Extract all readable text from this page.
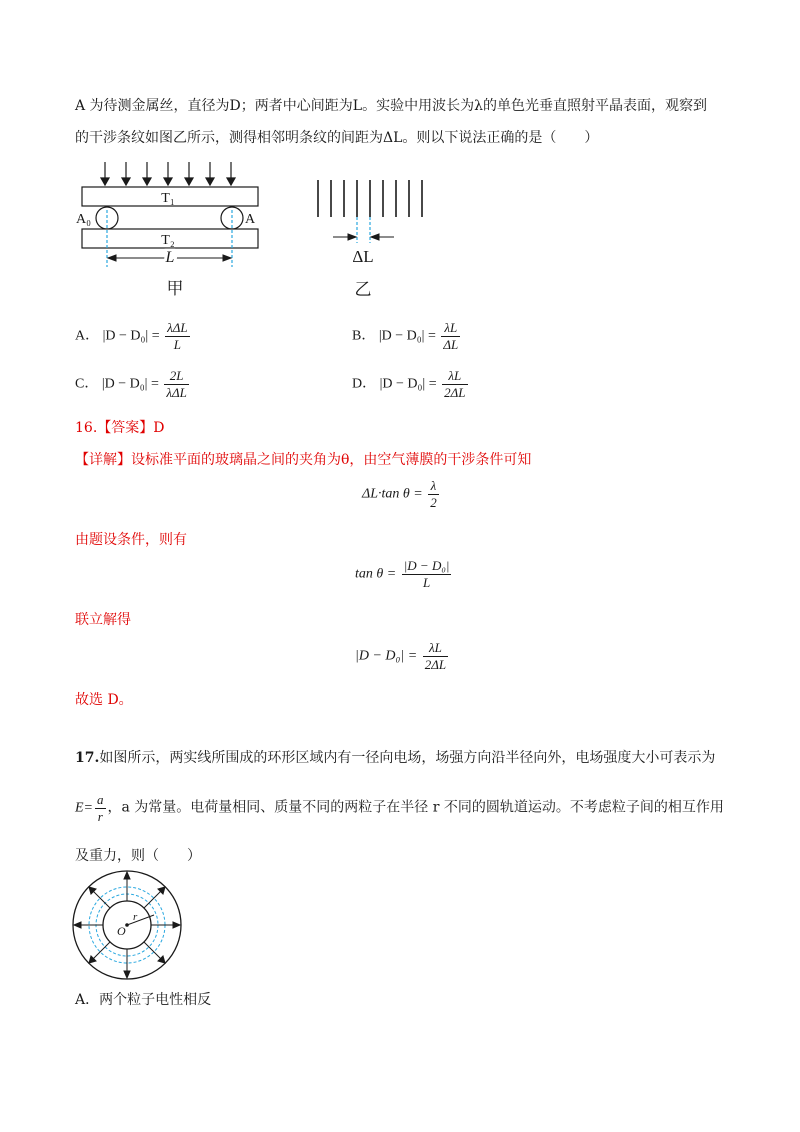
A 为待测金属丝，直径为D；两者中心间距为L。实验中用波长为λ的单色光垂直照射平晶表面，观察到
的干涉条纹如图乙所示，测得相邻明条纹的间距为ΔL。则以下说法正确的是（　　）
T₁
A₀	A
T₂
L
甲
ΔL
乙
A． $|D - D_0| = \frac{\text{λΔL}}{L}$	B． $|D - D_0| = \frac{\lambda L}{\Delta L}$
C． $|D - D_0| = \frac{2L}{\text{λΔL}}$	D． $|D - D_0| = \frac{\lambda L}{2\Delta L}$
16.【答案】D
【详解】设标准平面的玻璃晶之间的夹角为θ，由空气薄膜的干涉条件可知
ΔL·tan $\theta = \frac{\lambda}{2}$
由题设条件，则有
$\tan \theta = \frac{\text{|D − D₀|}}{L}$
联立解得
$|D - D_0| = \frac{\lambda L}{2\Delta L}$
故选 D。
17.如图所示，两实线所围成的环形区域内有一径向电场，场强方向沿半径向外，电场强度大小可表示为
$E= \frac{a}{r}$ ，a 为常量。电荷量相同、质量不同的两粒子在半径 r 不同的圆轨道运动。不考虑粒子间的相互作用
及重力，则（　　）
O
r
A．两个粒子电性相反
